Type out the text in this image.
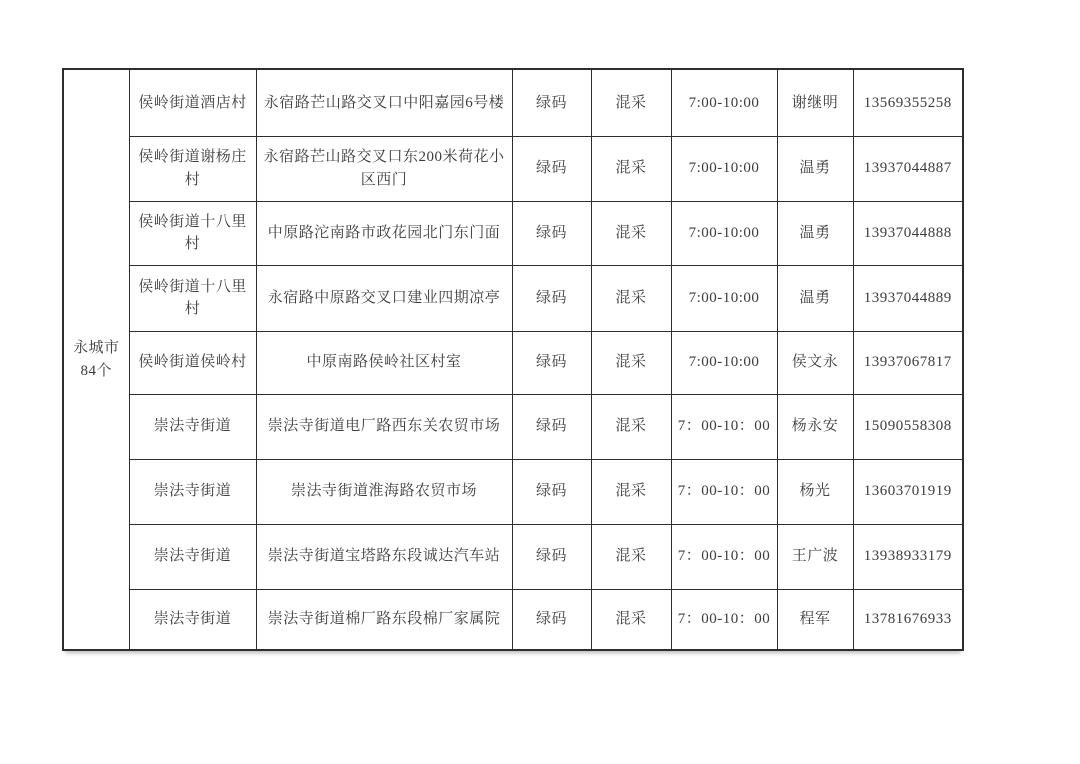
永城市
84个	侯岭街道酒店村	永宿路芒山路交叉口中阳嘉园6号楼	绿码	混采	7:00-10:00	谢继明	13569355258
	侯岭街道谢杨庄村	永宿路芒山路交叉口东200米荷花小区西门	绿码	混采	7:00-10:00	温勇	13937044887
	侯岭街道十八里村	中原路沱南路市政花园北门东门面	绿码	混采	7:00-10:00	温勇	13937044888
	侯岭街道十八里村	永宿路中原路交叉口建业四期凉亭	绿码	混采	7:00-10:00	温勇	13937044889
	侯岭街道侯岭村	中原南路侯岭社区村室	绿码	混采	7:00-10:00	侯文永	13937067817
	崇法寺街道	崇法寺街道电厂路西东关农贸市场	绿码	混采	7：00-10：00	杨永安	15090558308
	崇法寺街道	崇法寺街道淮海路农贸市场	绿码	混采	7：00-10：00	杨光	13603701919
	崇法寺街道	崇法寺街道宝塔路东段诚达汽车站	绿码	混采	7：00-10：00	王广波	13938933179
	崇法寺街道	崇法寺街道棉厂路东段棉厂家属院	绿码	混采	7：00-10：00	程军	13781676933
